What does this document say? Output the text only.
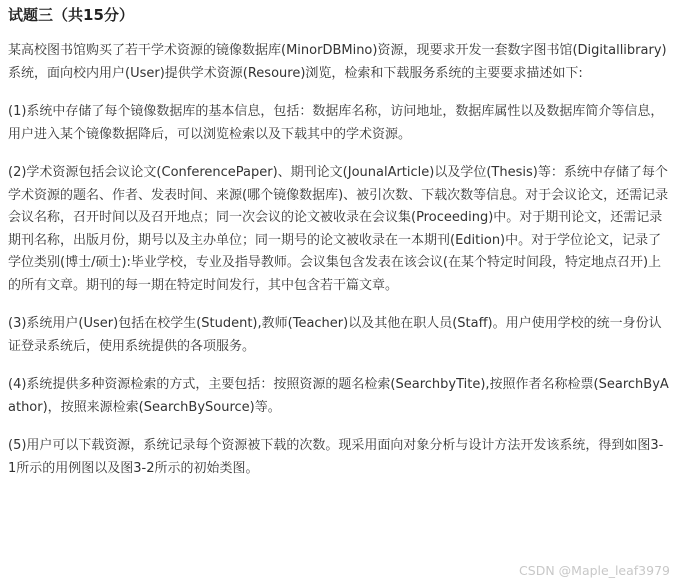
试题三（共15分）

某高校图书馆购买了若干学术资源的镜像数据库(MinorDBMino)资源，现要求开发一套数字图书馆(Digitallibrary)系统，面向校内用户(User)提供学术资源(Resoure)浏览，检索和下载服务系统的主要要求描述如下:

(1)系统中存储了每个镜像数据库的基本信息，包括：数据库名称，访问地址，数据库属性以及数据库简介等信息，用户进入某个镜像数据降后，可以浏览检索以及下载其中的学术资源。

(2)学术资源包括会议论文(ConferencePaper)、期刊论文(JounalArticle)以及学位(Thesis)等：系统中存储了每个学术资源的题名、作者、发表时间、来源(哪个镜像数据库)、被引次数、下载次数等信息。对于会议论文，还需记录会议名称，召开时间以及召开地点；同一次会议的论文被收录在会议集(Proceeding)中。对于期刊论文，还需记录期刊名称，出版月份，期号以及主办单位；同一期号的论文被收录在一本期刊(Edition)中。对于学位论文，记录了学位类别(博士/硕士):毕业学校，专业及指导教师。会议集包含发表在该会议(在某个特定时间段，特定地点召开)上的所有文章。期刊的每一期在特定时间发行，其中包含若干篇文章。

(3)系统用户(User)包括在校学生(Student),教师(Teacher)以及其他在职人员(Staff)。用户使用学校的统一身份认证登录系统后，使用系统提供的各项服务。

(4)系统提供多种资源检索的方式，主要包括：按照资源的题名检索(SearchbyTite),按照作者名称检票(SearchByAathor)，按照来源检索(SearchBySource)等。

(5)用户可以下载资源，系统记录每个资源被下载的次数。现采用面向对象分析与设计方法开发该系统，得到如图3-1所示的用例图以及图3-2所示的初始类图。

CSDN @Maple_leaf3979
